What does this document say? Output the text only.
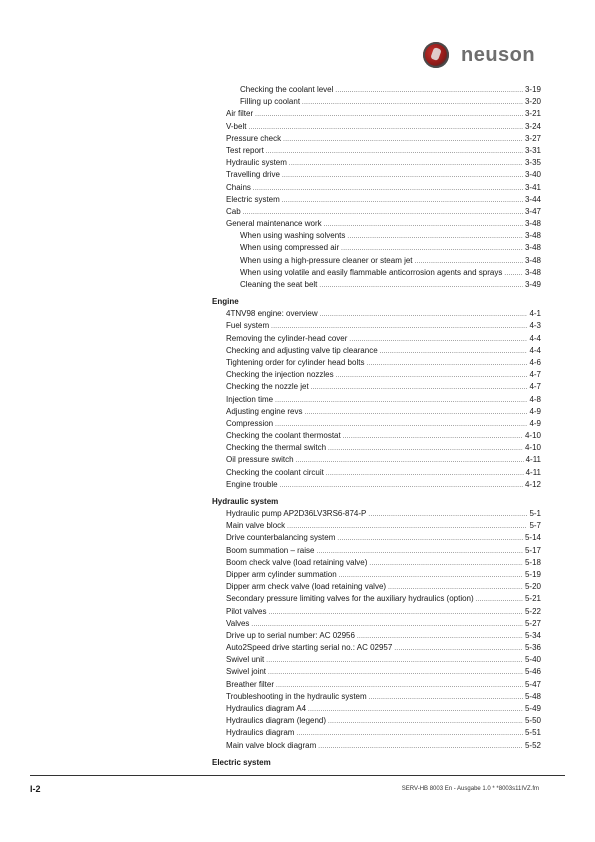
neuson
Checking the coolant level .....	3-19
Filling up coolant .....	3-20
Air filter .....	3-21
V-belt .....	3-24
Pressure check .....	3-27
Test report .....	3-31
Hydraulic system .....	3-35
Travelling drive .....	3-40
Chains .....	3-41
Electric system .....	3-44
Cab .....	3-47
General maintenance work .....	3-48
When using washing solvents .....	3-48
When using compressed air .....	3-48
When using a high-pressure cleaner or steam jet .....	3-48
When using volatile and easily flammable anticorrosion agents and sprays .....	3-48
Cleaning the seat belt .....	3-49
Engine
4TNV98 engine: overview .....	4-1
Fuel system .....	4-3
Removing the cylinder-head cover .....	4-4
Checking and adjusting valve tip clearance .....	4-4
Tightening order for cylinder head bolts .....	4-6
Checking the injection nozzles .....	4-7
Checking the nozzle jet .....	4-7
Injection time .....	4-8
Adjusting engine revs .....	4-9
Compression .....	4-9
Checking the coolant thermostat .....	4-10
Checking the thermal switch .....	4-10
Oil pressure switch .....	4-11
Checking the coolant circuit .....	4-11
Engine trouble .....	4-12
Hydraulic system
Hydraulic pump AP2D36LV3RS6-874-P .....	5-1
Main valve block .....	5-7
Drive counterbalancing system .....	5-14
Boom summation – raise .....	5-17
Boom check valve (load retaining valve) .....	5-18
Dipper arm cylinder summation .....	5-19
Dipper arm check valve (load retaining valve) .....	5-20
Secondary pressure limiting valves for the auxiliary hydraulics (option) .....	5-21
Pilot valves .....	5-22
Valves .....	5-27
Drive up to serial number: AC 02956 .....	5-34
Auto2Speed drive starting serial no.: AC 02957 .....	5-36
Swivel unit .....	5-40
Swivel joint .....	5-46
Breather filter .....	5-47
Troubleshooting in the hydraulic system .....	5-48
Hydraulics diagram A4 .....	5-49
Hydraulics diagram (legend) .....	5-50
Hydraulics diagram .....	5-51
Main valve block diagram .....	5-52
Electric system
I-2	SERV-HB 8003 En - Ausgabe 1.0 * *8003s11IVZ.fm
